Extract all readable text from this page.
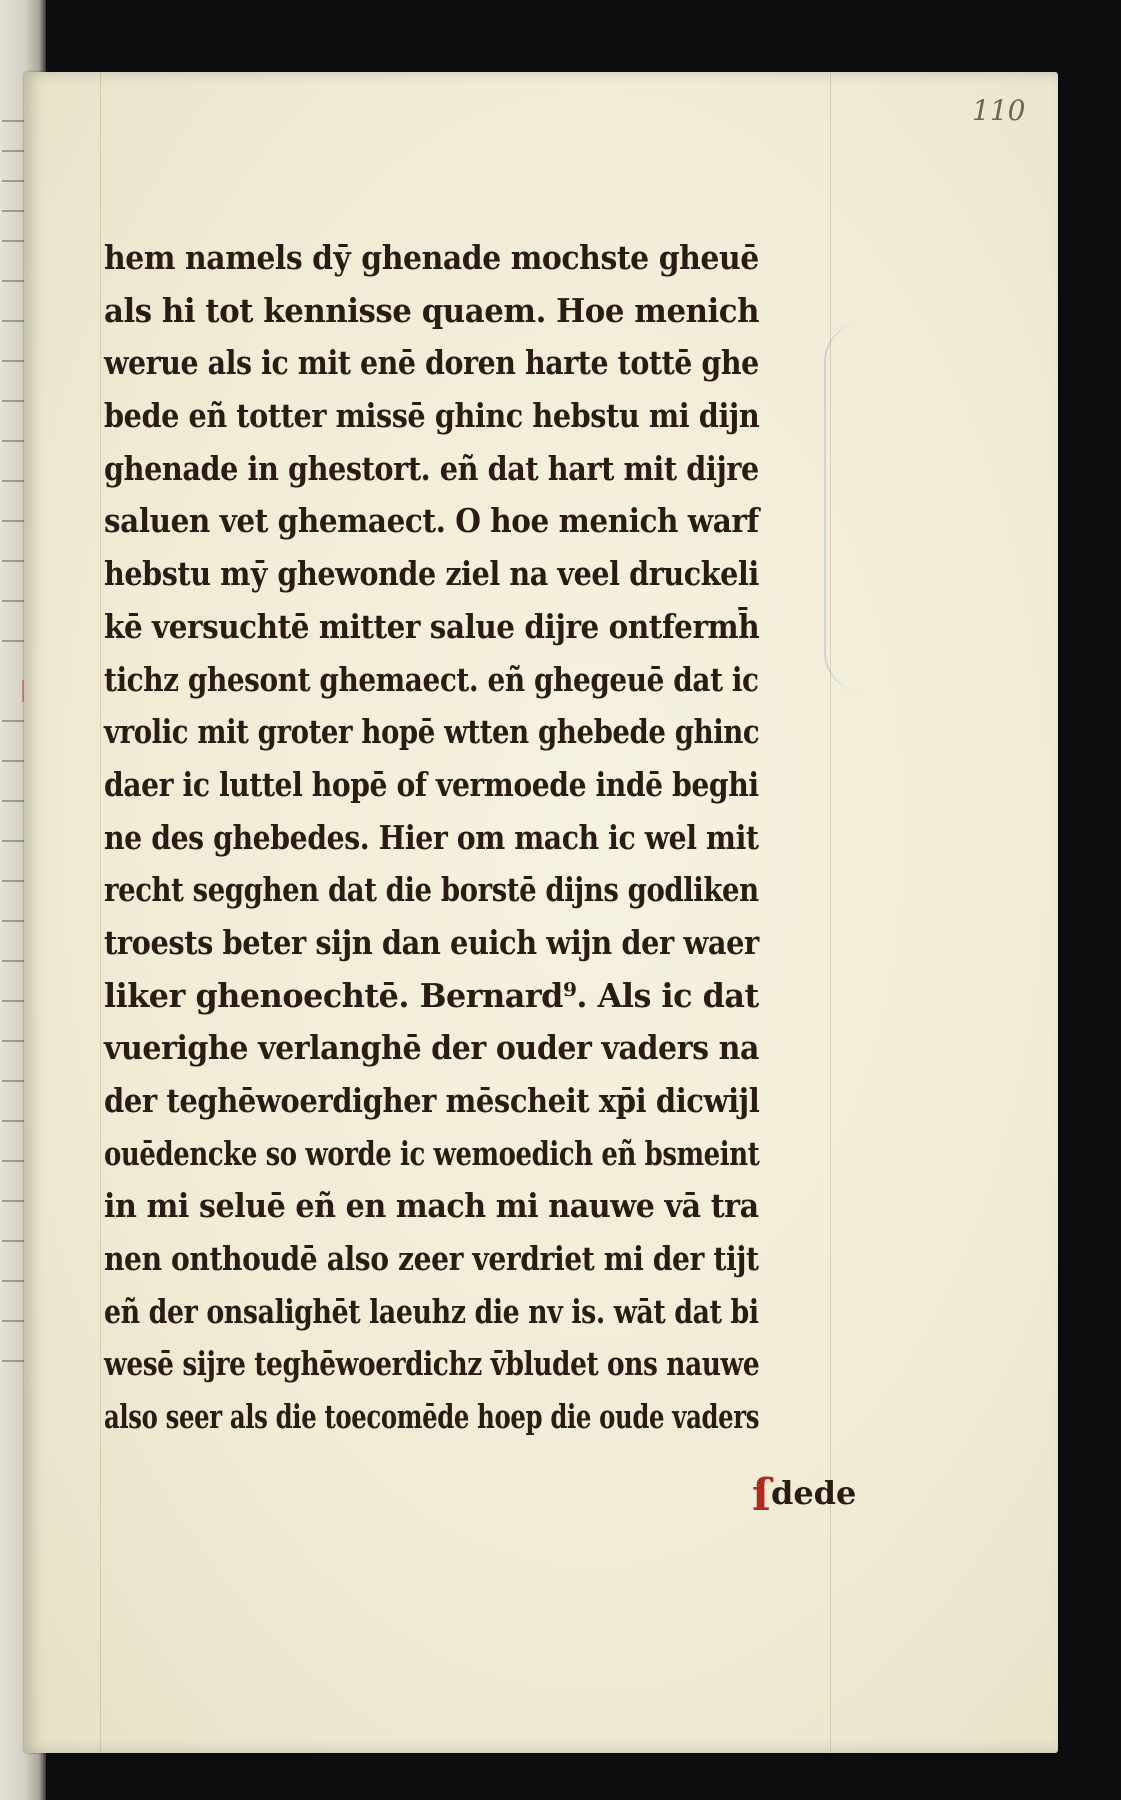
110
hem namels dӯ ghenade mochste gheuē
als hi tot kennisse quaem. Hoe menich
werue als ic mit enē doren harte tottē ghe
bede eñ totter missē ghinc hebstu mi dijn
ghenade in ghestort. eñ dat hart mit dijre
saluen vet ghemaect. O hoe menich warf
hebstu mӯ ghewonde ziel na veel druckeli
kē versuchtē mitter salue dijre ontfermh̄
tichz ghesont ghemaect. eñ ghegeuē dat ic
vrolic mit groter hopē wtten ghebede ghinc
daer ic luttel hopē of vermoede indē beghi
ne des ghebedes. Hier om mach ic wel mit
recht segghen dat die borstē dijns godliken
troests beter sijn dan euich wijn der waer
liker ghenoechtē. Bernard⁹. Als ic dat
vuerighe verlanghē der ouder vaders na
der teghēwoerdigher mēscheit xp̄i dicwijl
ouēdencke so worde ic wemoedich eñ bsmeint
in mi seluē eñ en mach mi nauwe vā tra
nen onthoudē also zeer verdriet mi der tijt
eñ der onsalighēt laeuhz die nv is. wāt dat bi
wesē sijre teghēwoerdichz v̄bludet ons nauwe
also seer als die toecomēde hoep die oude vaders
ſdede
